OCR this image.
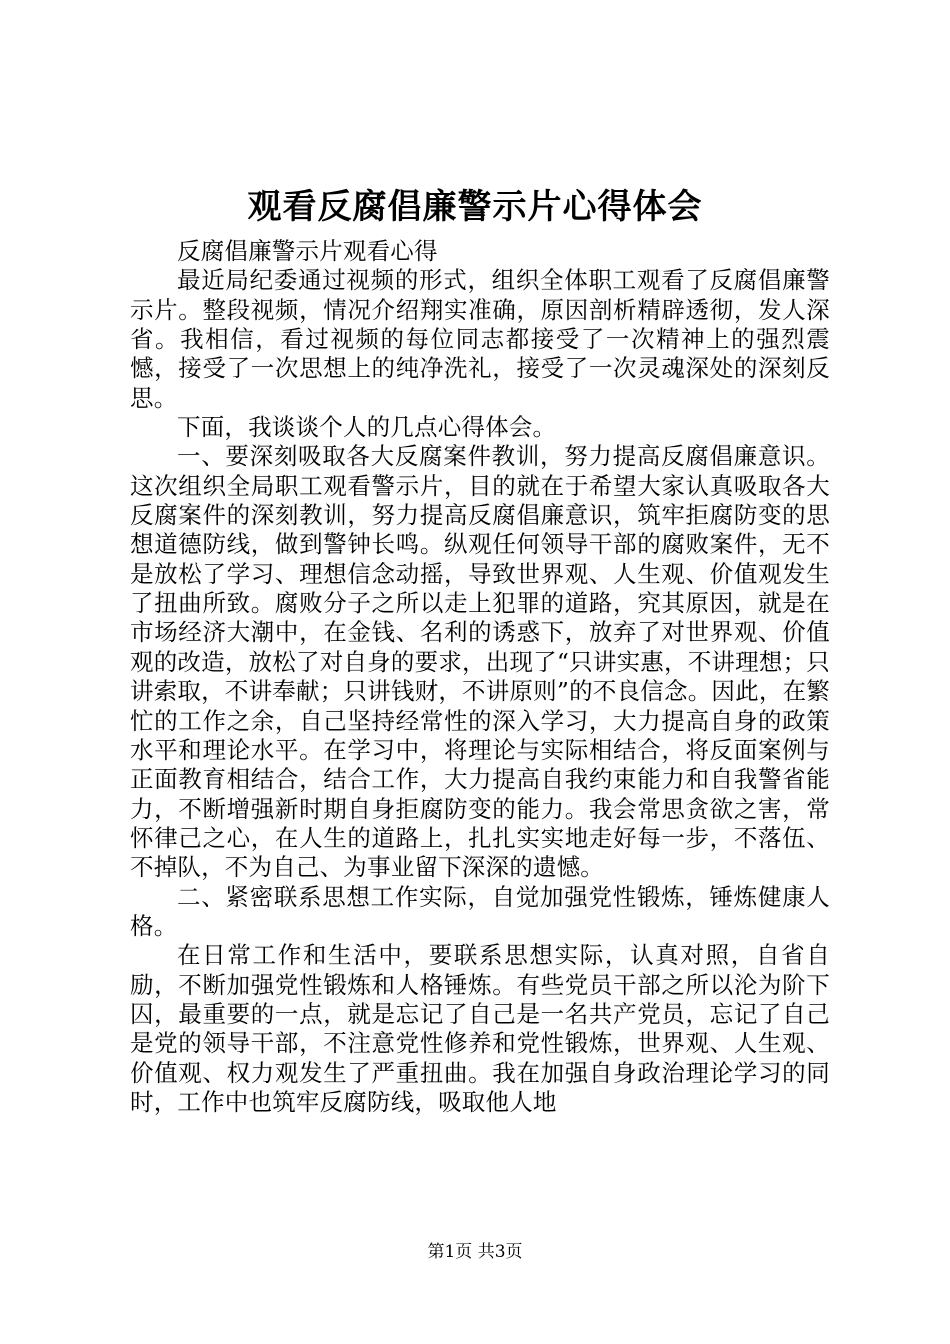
观看反腐倡廉警示片心得体会

反腐倡廉警示片观看心得

最近局纪委通过视频的形式，组织全体职工观看了反腐倡廉警示片。整段视频，情况介绍翔实准确，原因剖析精辟透彻，发人深省。我相信，看过视频的每位同志都接受了一次精神上的强烈震憾，接受了一次思想上的纯净洗礼，接受了一次灵魂深处的深刻反思。

下面，我谈谈个人的几点心得体会。

一、要深刻吸取各大反腐案件教训，努力提高反腐倡廉意识。这次组织全局职工观看警示片，目的就在于希望大家认真吸取各大反腐案件的深刻教训，努力提高反腐倡廉意识，筑牢拒腐防变的思想道德防线，做到警钟长鸣。纵观任何领导干部的腐败案件，无不是放松了学习、理想信念动摇，导致世界观、人生观、价值观发生了扭曲所致。腐败分子之所以走上犯罪的道路，究其原因，就是在市场经济大潮中，在金钱、名利的诱惑下，放弃了对世界观、价值观的改造，放松了对自身的要求，出现了“只讲实惠，不讲理想；只讲索取，不讲奉献；只讲钱财，不讲原则”的不良信念。因此，在繁忙的工作之余，自己坚持经常性的深入学习，大力提高自身的政策水平和理论水平。在学习中，将理论与实际相结合，将反面案例与正面教育相结合，结合工作，大力提高自我约束能力和自我警省能力，不断增强新时期自身拒腐防变的能力。我会常思贪欲之害，常怀律己之心，在人生的道路上，扎扎实实地走好每一步，不落伍、不掉队，不为自己、为事业留下深深的遗憾。

二、紧密联系思想工作实际，自觉加强党性锻炼，锤炼健康人格。

在日常工作和生活中，要联系思想实际，认真对照，自省自励，不断加强党性锻炼和人格锤炼。有些党员干部之所以沦为阶下囚，最重要的一点，就是忘记了自己是一名共产党员，忘记了自己是党的领导干部，不注意党性修养和党性锻炼，世界观、人生观、价值观、权力观发生了严重扭曲。我在加强自身政治理论学习的同时，工作中也筑牢反腐防线，吸取他人地

第1页 共3页
